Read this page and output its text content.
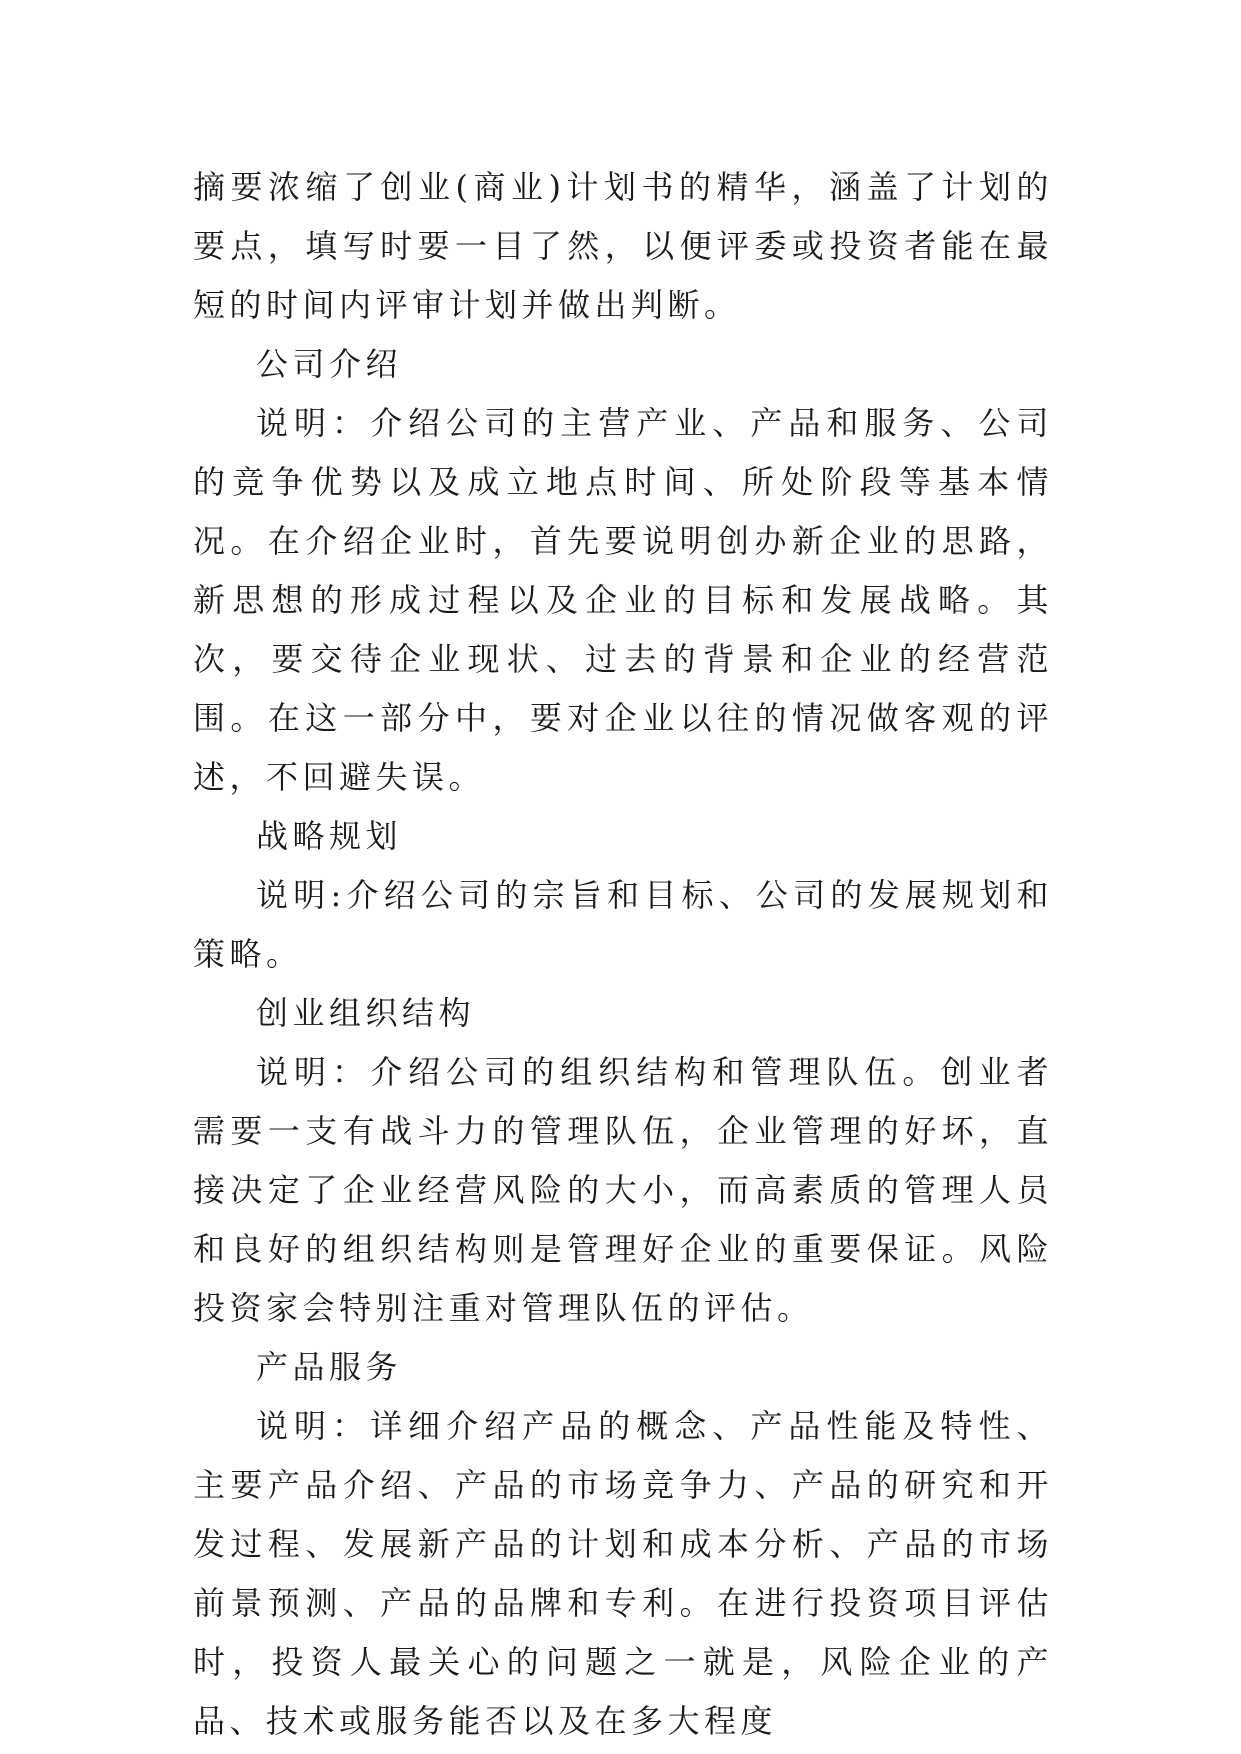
摘要浓缩了创业(商业)计划书的精华，涵盖了计划的要点，填写时要一目了然，以便评委或投资者能在最短的时间内评审计划并做出判断。

公司介绍

说明：介绍公司的主营产业、产品和服务、公司的竞争优势以及成立地点时间、所处阶段等基本情况。在介绍企业时，首先要说明创办新企业的思路，新思想的形成过程以及企业的目标和发展战略。其次，要交待企业现状、过去的背景和企业的经营范围。在这一部分中，要对企业以往的情况做客观的评述，不回避失误。

战略规划

说明:介绍公司的宗旨和目标、公司的发展规划和策略。

创业组织结构

说明：介绍公司的组织结构和管理队伍。创业者需要一支有战斗力的管理队伍，企业管理的好坏，直接决定了企业经营风险的大小，而高素质的管理人员和良好的组织结构则是管理好企业的重要保证。风险投资家会特别注重对管理队伍的评估。

产品服务

说明：详细介绍产品的概念、产品性能及特性、主要产品介绍、产品的市场竞争力、产品的研究和开发过程、发展新产品的计划和成本分析、产品的市场前景预测、产品的品牌和专利。在进行投资项目评估时，投资人最关心的问题之一就是，风险企业的产品、技术或服务能否以及在多大程度
